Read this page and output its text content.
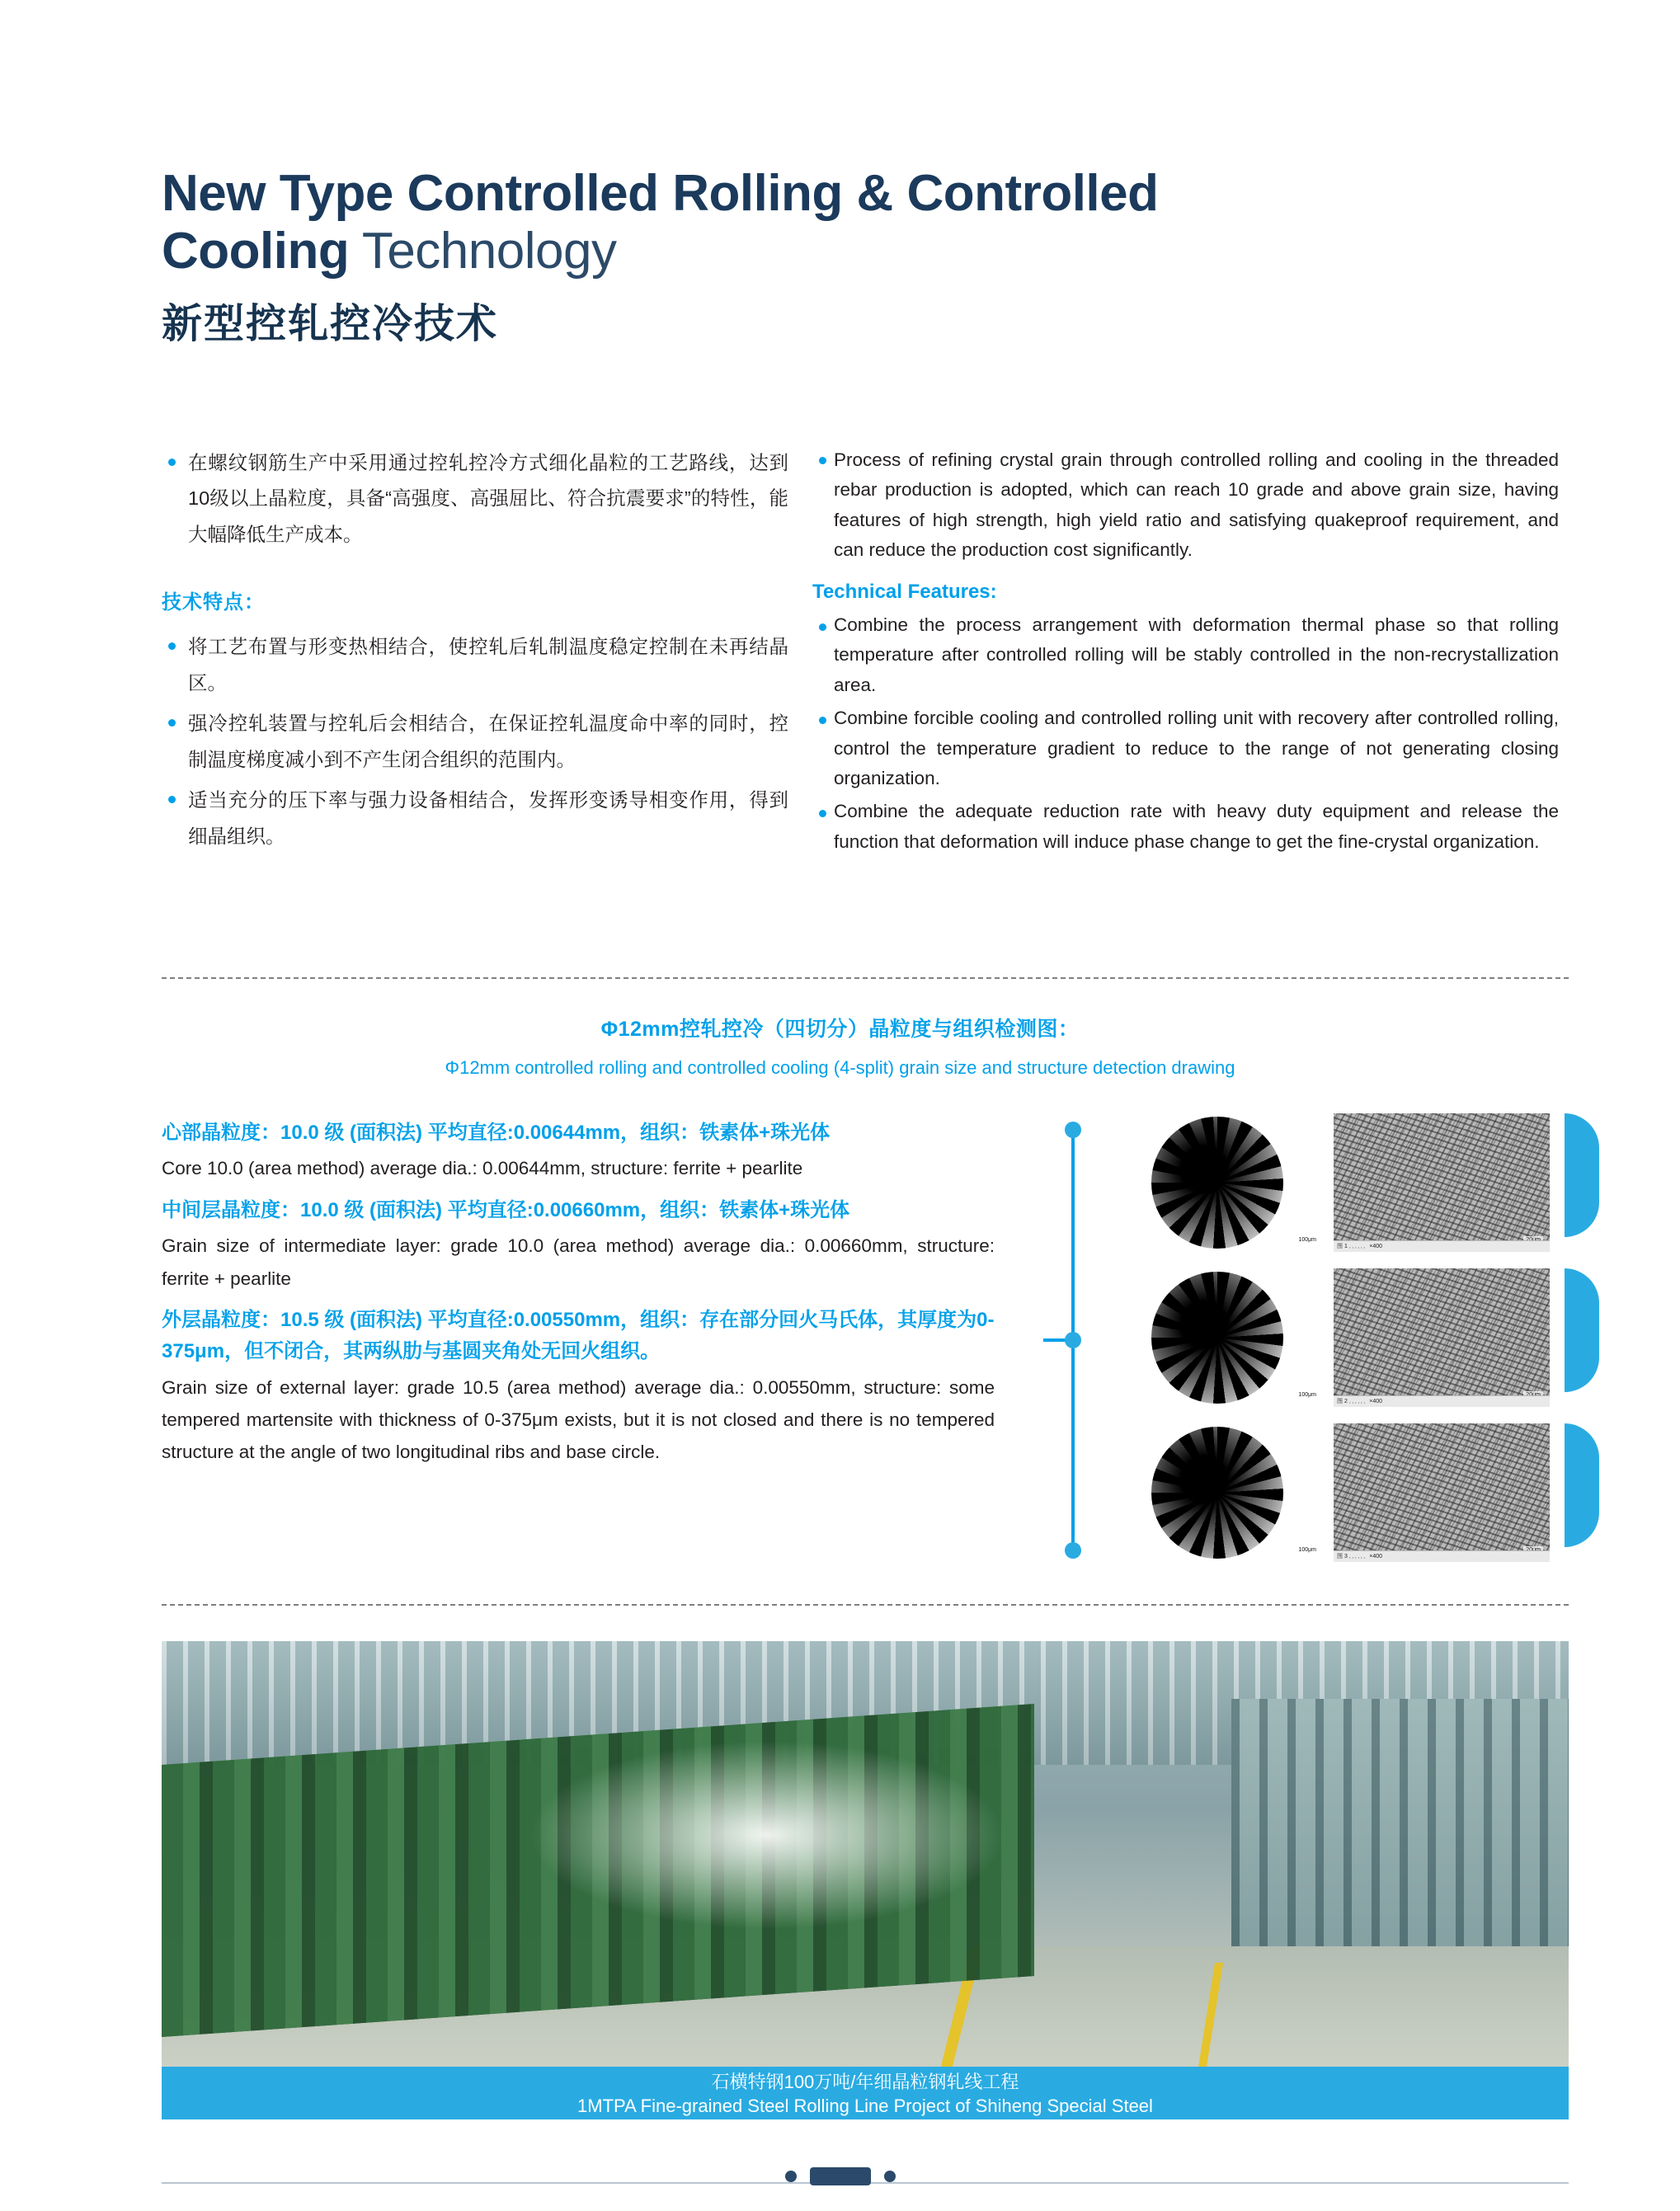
New Type Controlled Rolling & Controlled
Cooling Technology
新型控轧控冷技术
在螺纹钢筋生产中采用通过控轧控冷方式细化晶粒的工艺路线，达到10级以上晶粒度，具备“高强度、高强屈比、符合抗震要求”的特性，能大幅降低生产成本。
技术特点：
将工艺布置与形变热相结合，使控轧后轧制温度稳定控制在未再结晶区。
强冷控轧装置与控轧后会相结合，在保证控轧温度命中率的同时，控制温度梯度减小到不产生闭合组织的范围内。
适当充分的压下率与强力设备相结合，发挥形变诱导相变作用，得到细晶组织。
Process of refining crystal grain through controlled rolling and cooling in the threaded rebar production is adopted, which can reach 10 grade and above grain size, having features of high strength, high yield ratio and satisfying quakeproof requirement, and can reduce the production cost significantly.
Technical Features:
Combine the process arrangement with deformation thermal phase so that rolling temperature after controlled rolling will be stably controlled in the non-recrystallization area.
Combine forcible cooling and controlled rolling unit with recovery after controlled rolling, control the temperature gradient to reduce to the range of not generating closing organization.
Combine the adequate reduction rate with heavy duty equipment and release the function that deformation will induce phase change to get the fine-crystal organization.
Φ12mm控轧控冷（四切分）晶粒度与组织检测图：
Φ12mm controlled rolling and controlled cooling (4-split) grain size and structure detection drawing
心部晶粒度：10.0 级 (面积法) 平均直径:0.00644mm，组织：铁素体+珠光体
Core 10.0 (area method) average dia.: 0.00644mm, structure: ferrite + pearlite
中间层晶粒度：10.0 级 (面积法) 平均直径:0.00660mm，组织：铁素体+珠光体
Grain size of intermediate layer: grade 10.0 (area method) average dia.: 0.00660mm, structure: ferrite + pearlite
外层晶粒度：10.5 级 (面积法) 平均直径:0.00550mm，组织：存在部分回火马氏体，其厚度为0-375μm，但不闭合，其两纵肋与基圆夹角处无回火组织。
Grain size of external layer: grade 10.5 (area method) average dia.: 0.00550mm, structure: some tempered martensite with thickness of 0-375μm exists, but it is not closed and there is no tempered structure at the angle of two longitudinal ribs and base circle.
100μm
图 1 ．．．．．．×400
100μm
图 2 ．．．．．．×400
100μm
图 3 ．．．．．．×400
石横特钢100万吨/年细晶粒钢轧线工程
1MTPA Fine-grained Steel Rolling Line Project of Shiheng Special Steel
